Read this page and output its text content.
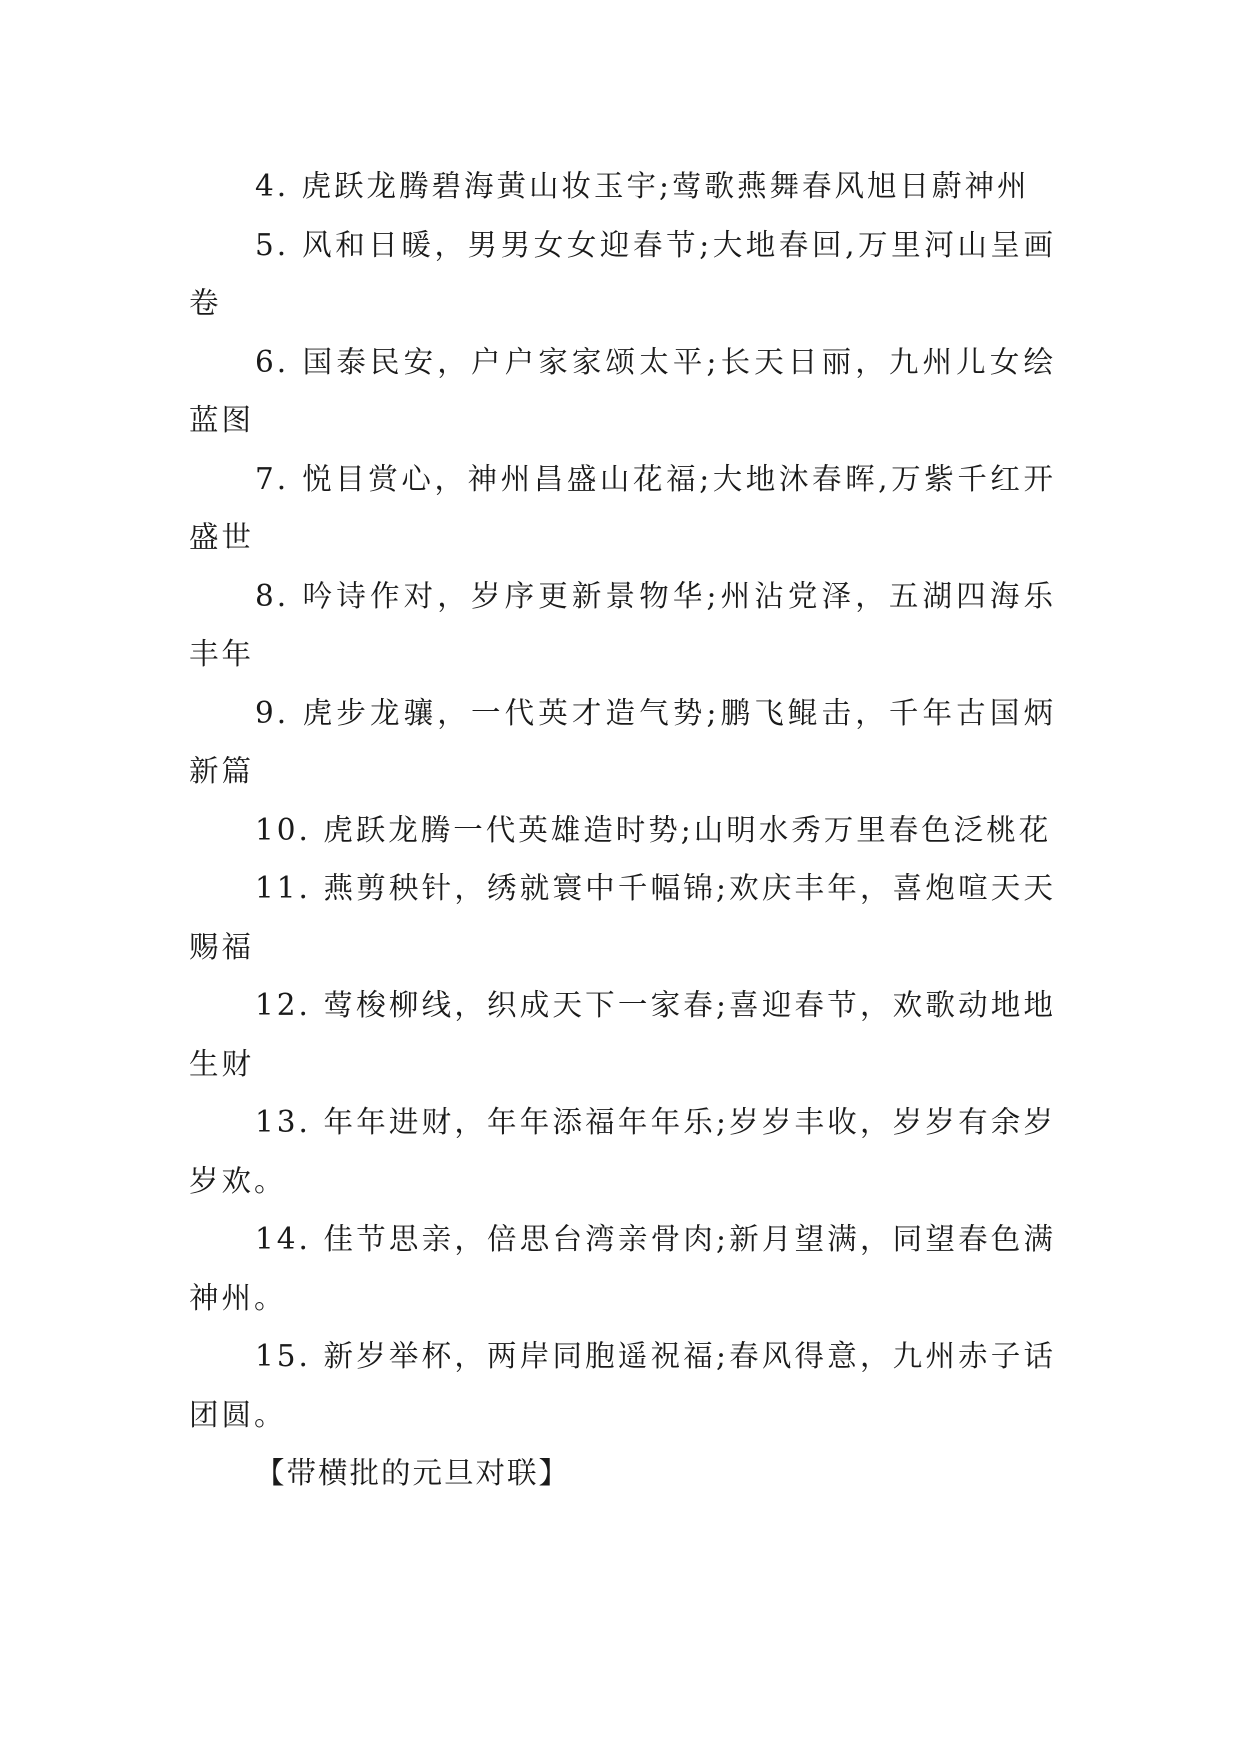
4. 虎跃龙腾碧海黄山妆玉宇;莺歌燕舞春风旭日蔚神州

5. 风和日暖，男男女女迎春节;大地春回,万里河山呈画卷

6. 国泰民安，户户家家颂太平;长天日丽，九州儿女绘蓝图

7. 悦目赏心，神州昌盛山花福;大地沐春晖,万紫千红开盛世

8. 吟诗作对，岁序更新景物华;州沾党泽，五湖四海乐丰年

9. 虎步龙骧，一代英才造气势;鹏飞鲲击，千年古国炳新篇

10. 虎跃龙腾一代英雄造时势;山明水秀万里春色泛桃花

11. 燕剪秧针，绣就寰中千幅锦;欢庆丰年，喜炮喧天天赐福

12. 莺梭柳线，织成天下一家春;喜迎春节，欢歌动地地生财

13. 年年进财，年年添福年年乐;岁岁丰收，岁岁有余岁岁欢。

14. 佳节思亲，倍思台湾亲骨肉;新月望满，同望春色满神州。

15. 新岁举杯，两岸同胞遥祝福;春风得意，九州赤子话团圆。

【带横批的元旦对联】
